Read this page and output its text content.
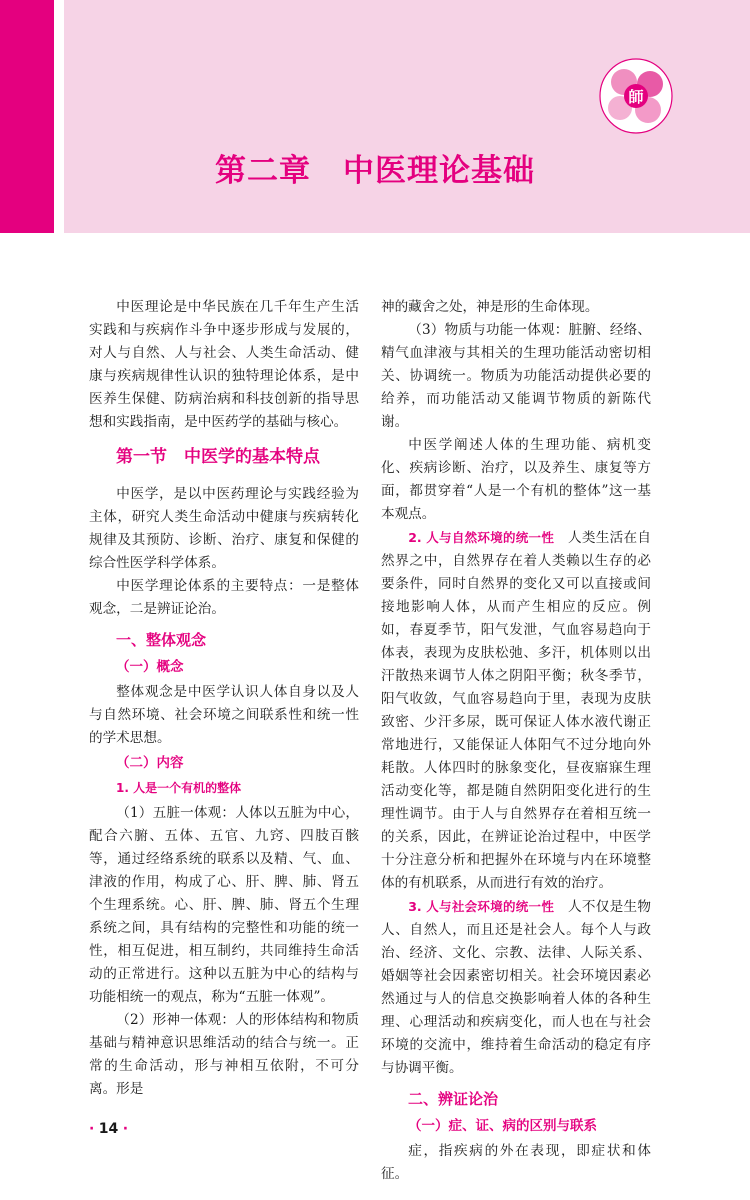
師
第二章　中医理论基础

中医理论是中华民族在几千年生产生活实践和与疾病作斗争中逐步形成与发展的，对人与自然、人与社会、人类生命活动、健康与疾病规律性认识的独特理论体系，是中医养生保健、防病治病和科技创新的指导思想和实践指南，是中医药学的基础与核心。

第一节　中医学的基本特点

中医学，是以中医药理论与实践经验为主体，研究人类生命活动中健康与疾病转化规律及其预防、诊断、治疗、康复和保健的综合性医学科学体系。

中医学理论体系的主要特点：一是整体观念，二是辨证论治。

一、整体观念
（一）概念

整体观念是中医学认识人体自身以及人与自然环境、社会环境之间联系性和统一性的学术思想。

（二）内容
1. 人是一个有机的整体

（1）五脏一体观：人体以五脏为中心，配合六腑、五体、五官、九窍、四肢百骸等，通过经络系统的联系以及精、气、血、津液的作用，构成了心、肝、脾、肺、肾五个生理系统。心、肝、脾、肺、肾五个生理系统之间，具有结构的完整性和功能的统一性，相互促进，相互制约，共同维持生命活动的正常进行。这种以五脏为中心的结构与功能相统一的观点，称为“五脏一体观”。

（2）形神一体观：人的形体结构和物质基础与精神意识思维活动的结合与统一。正常的生命活动，形与神相互依附，不可分离。形是

神的藏舍之处，神是形的生命体现。

（3）物质与功能一体观：脏腑、经络、精气血津液与其相关的生理功能活动密切相关、协调统一。物质为功能活动提供必要的给养，而功能活动又能调节物质的新陈代谢。

中医学阐述人体的生理功能、病机变化、疾病诊断、治疗，以及养生、康复等方面，都贯穿着“人是一个有机的整体”这一基本观点。

2. 人与自然环境的统一性　 人类生活在自然界之中，自然界存在着人类赖以生存的必要条件，同时自然界的变化又可以直接或间接地影响人体，从而产生相应的反应。例如，春夏季节，阳气发泄，气血容易趋向于体表，表现为皮肤松弛、多汗，机体则以出汗散热来调节人体之阴阳平衡；秋冬季节，阳气收敛，气血容易趋向于里，表现为皮肤致密、少汗多尿，既可保证人体水液代谢正常地进行，又能保证人体阳气不过分地向外耗散。人体四时的脉象变化，昼夜寤寐生理活动变化等，都是随自然阴阳变化进行的生理性调节。由于人与自然界存在着相互统一的关系，因此，在辨证论治过程中，中医学十分注意分析和把握外在环境与内在环境整体的有机联系，从而进行有效的治疗。

3. 人与社会环境的统一性　 人不仅是生物人、自然人，而且还是社会人。每个人与政治、经济、文化、宗教、法律、人际关系、婚姻等社会因素密切相关。社会环境因素必然通过与人的信息交换影响着人体的各种生理、心理活动和疾病变化，而人也在与社会环境的交流中，维持着生命活动的稳定有序与协调平衡。

二、辨证论治
（一）症、证、病的区别与联系

症，指疾病的外在表现，即症状和体征。

· 14 ·
